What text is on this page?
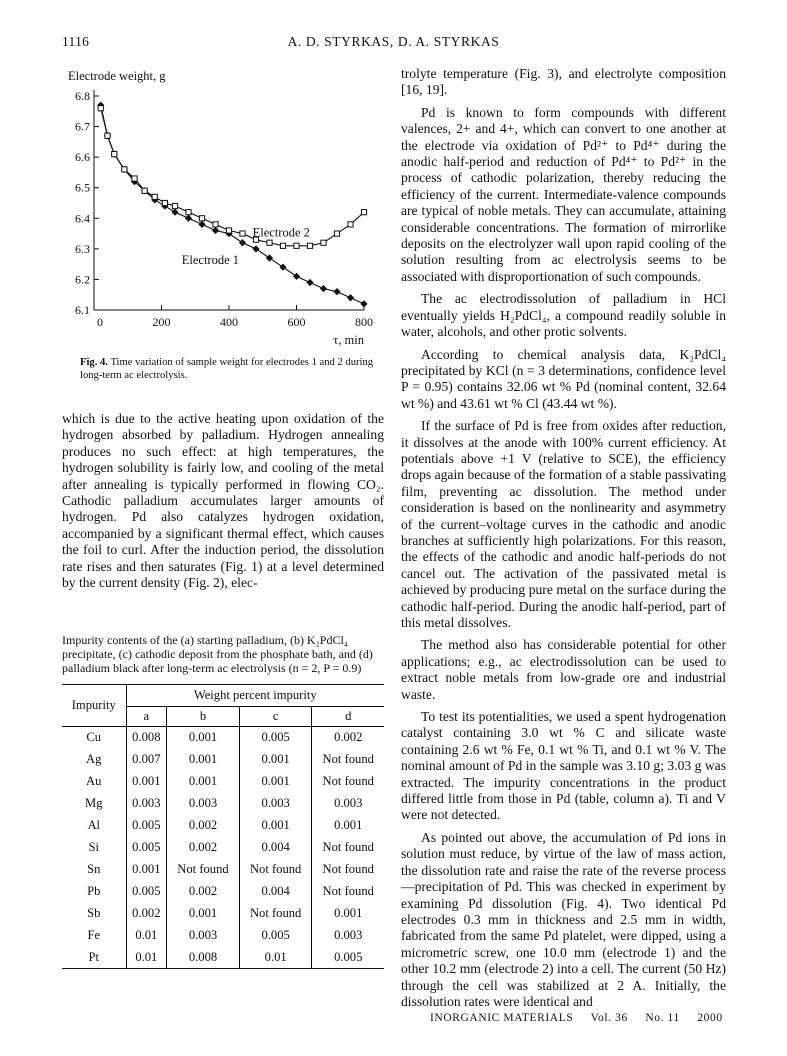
1116	A. D. STYRKAS, D. A. STYRKAS
6.1
6.2
6.3
6.4
6.5
6.6
6.7
6.8
0	200	400	600	800
Electrode weight, g
τ, min
Electrode 2
Electrode 1
Fig. 4. Time variation of sample weight for electrodes 1 and 2 during long-term ac electrolysis.

which is due to the active heating upon oxidation of the hydrogen absorbed by palladium. Hydrogen annealing produces no such effect: at high temperatures, the hydrogen solubility is fairly low, and cooling of the metal after annealing is typically performed in flowing CO₂. Cathodic palladium accumulates larger amounts of hydrogen. Pd also catalyzes hydrogen oxidation, accompanied by a significant thermal effect, which causes the foil to curl. After the induction period, the dissolution rate rises and then saturates (Fig. 1) at a level determined by the current density (Fig. 2), elec-

Impurity contents of the (a) starting palladium, (b) K₂PdCl₄ precipitate, (c) cathodic deposit from the phosphate bath, and (d) palladium black after long-term ac electrolysis (n = 2, P = 0.9)
Impurity	Weight percent impurity			
	a	b	c	d
Cu	0.008	0.001	0.005	0.002
Ag	0.007	0.001	0.001	Not found
Au	0.001	0.001	0.001	Not found
Mg	0.003	0.003	0.003	0.003
Al	0.005	0.002	0.001	0.001
Si	0.005	0.002	0.004	Not found
Sn	0.001	Not found	Not found	Not found
Pb	0.005	0.002	0.004	Not found
Sb	0.002	0.001	Not found	0.001
Fe	0.01	0.003	0.005	0.003
Pt	0.01	0.008	0.01	0.005

trolyte temperature (Fig. 3), and electrolyte composition [16, 19].

Pd is known to form compounds with different valences, 2+ and 4+, which can convert to one another at the electrode via oxidation of Pd²⁺ to Pd⁴⁺ during the anodic half-period and reduction of Pd⁴⁺ to Pd²⁺ in the process of cathodic polarization, thereby reducing the efficiency of the current. Intermediate-valence compounds are typical of noble metals. They can accumulate, attaining considerable concentrations. The formation of mirrorlike deposits on the electrolyzer wall upon rapid cooling of the solution resulting from ac electrolysis seems to be associated with disproportionation of such compounds.

The ac electrodissolution of palladium in HCl eventually yields H₂PdCl₄, a compound readily soluble in water, alcohols, and other protic solvents.

According to chemical analysis data, K₂PdCl₄ precipitated by KCl (n = 3 determinations, confidence level P = 0.95) contains 32.06 wt % Pd (nominal content, 32.64 wt %) and 43.61 wt % Cl (43.44 wt %).

If the surface of Pd is free from oxides after reduction, it dissolves at the anode with 100% current efficiency. At potentials above +1 V (relative to SCE), the efficiency drops again because of the formation of a stable passivating film, preventing ac dissolution. The method under consideration is based on the nonlinearity and asymmetry of the current–voltage curves in the cathodic and anodic branches at sufficiently high polarizations. For this reason, the effects of the cathodic and anodic half-periods do not cancel out. The activation of the passivated metal is achieved by producing pure metal on the surface during the cathodic half-period. During the anodic half-period, part of this metal dissolves.

The method also has considerable potential for other applications; e.g., ac electrodissolution can be used to extract noble metals from low-grade ore and industrial waste.

To test its potentialities, we used a spent hydrogenation catalyst containing 3.0 wt % C and silicate waste containing 2.6 wt % Fe, 0.1 wt % Ti, and 0.1 wt % V. The nominal amount of Pd in the sample was 3.10 g; 3.03 g was extracted. The impurity concentrations in the product differed little from those in Pd (table, column a). Ti and V were not detected.

As pointed out above, the accumulation of Pd ions in solution must reduce, by virtue of the law of mass action, the dissolution rate and raise the rate of the reverse process—precipitation of Pd. This was checked in experiment by examining Pd dissolution (Fig. 4). Two identical Pd electrodes 0.3 mm in thickness and 2.5 mm in width, fabricated from the same Pd platelet, were dipped, using a micrometric screw, one 10.0 mm (electrode 1) and the other 10.2 mm (electrode 2) into a cell. The current (50 Hz) through the cell was stabilized at 2 A. Initially, the dissolution rates were identical and

INORGANIC MATERIALS Vol. 36 No. 11 2000
